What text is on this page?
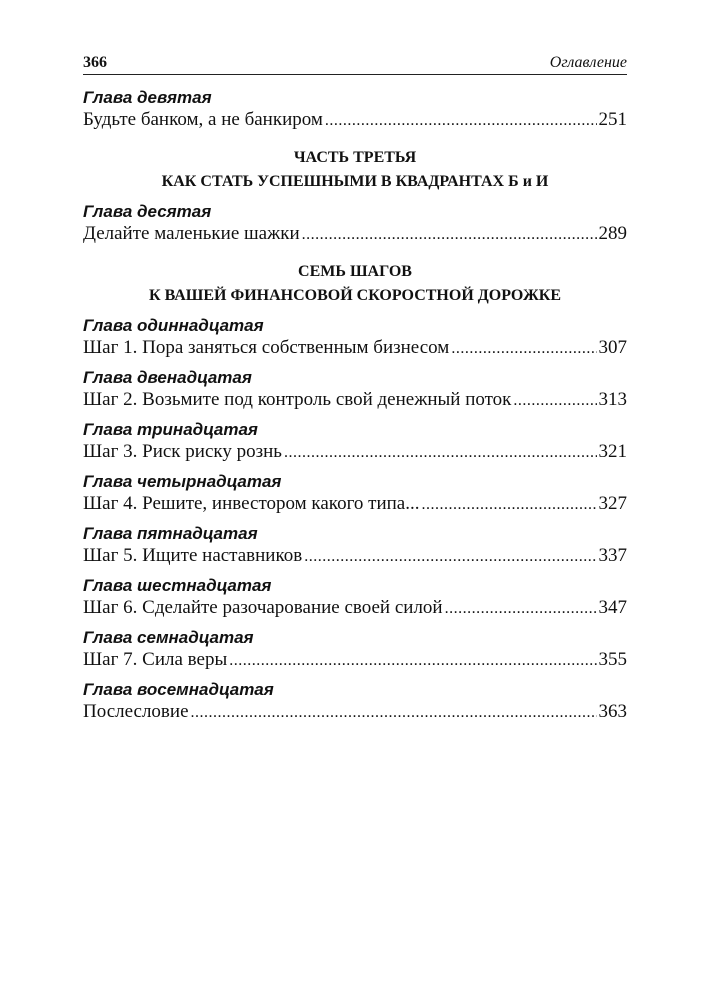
366	Оглавление
Глава девятая
Будьте банком, а не банкиром .....	251
ЧАСТЬ ТРЕТЬЯ
КАК СТАТЬ УСПЕШНЫМИ В КВАДРАНТАХ Б и И
Глава десятая
Делайте маленькие шажки .....	289
СЕМЬ ШАГОВ
К ВАШЕЙ ФИНАНСОВОЙ СКОРОСТНОЙ ДОРОЖКЕ
Глава одиннадцатая
Шаг 1. Пора заняться собственным бизнесом .....	307
Глава двенадцатая
Шаг 2. Возьмите под контроль свой денежный поток .....	313
Глава тринадцатая
Шаг 3. Риск риску рознь .....	321
Глава четырнадцатая
Шаг 4. Решите, инвестором какого типа... .....	327
Глава пятнадцатая
Шаг 5. Ищите наставников .....	337
Глава шестнадцатая
Шаг 6. Сделайте разочарование своей силой .....	347
Глава семнадцатая
Шаг 7. Сила веры .....	355
Глава восемнадцатая
Послесловие .....	363
